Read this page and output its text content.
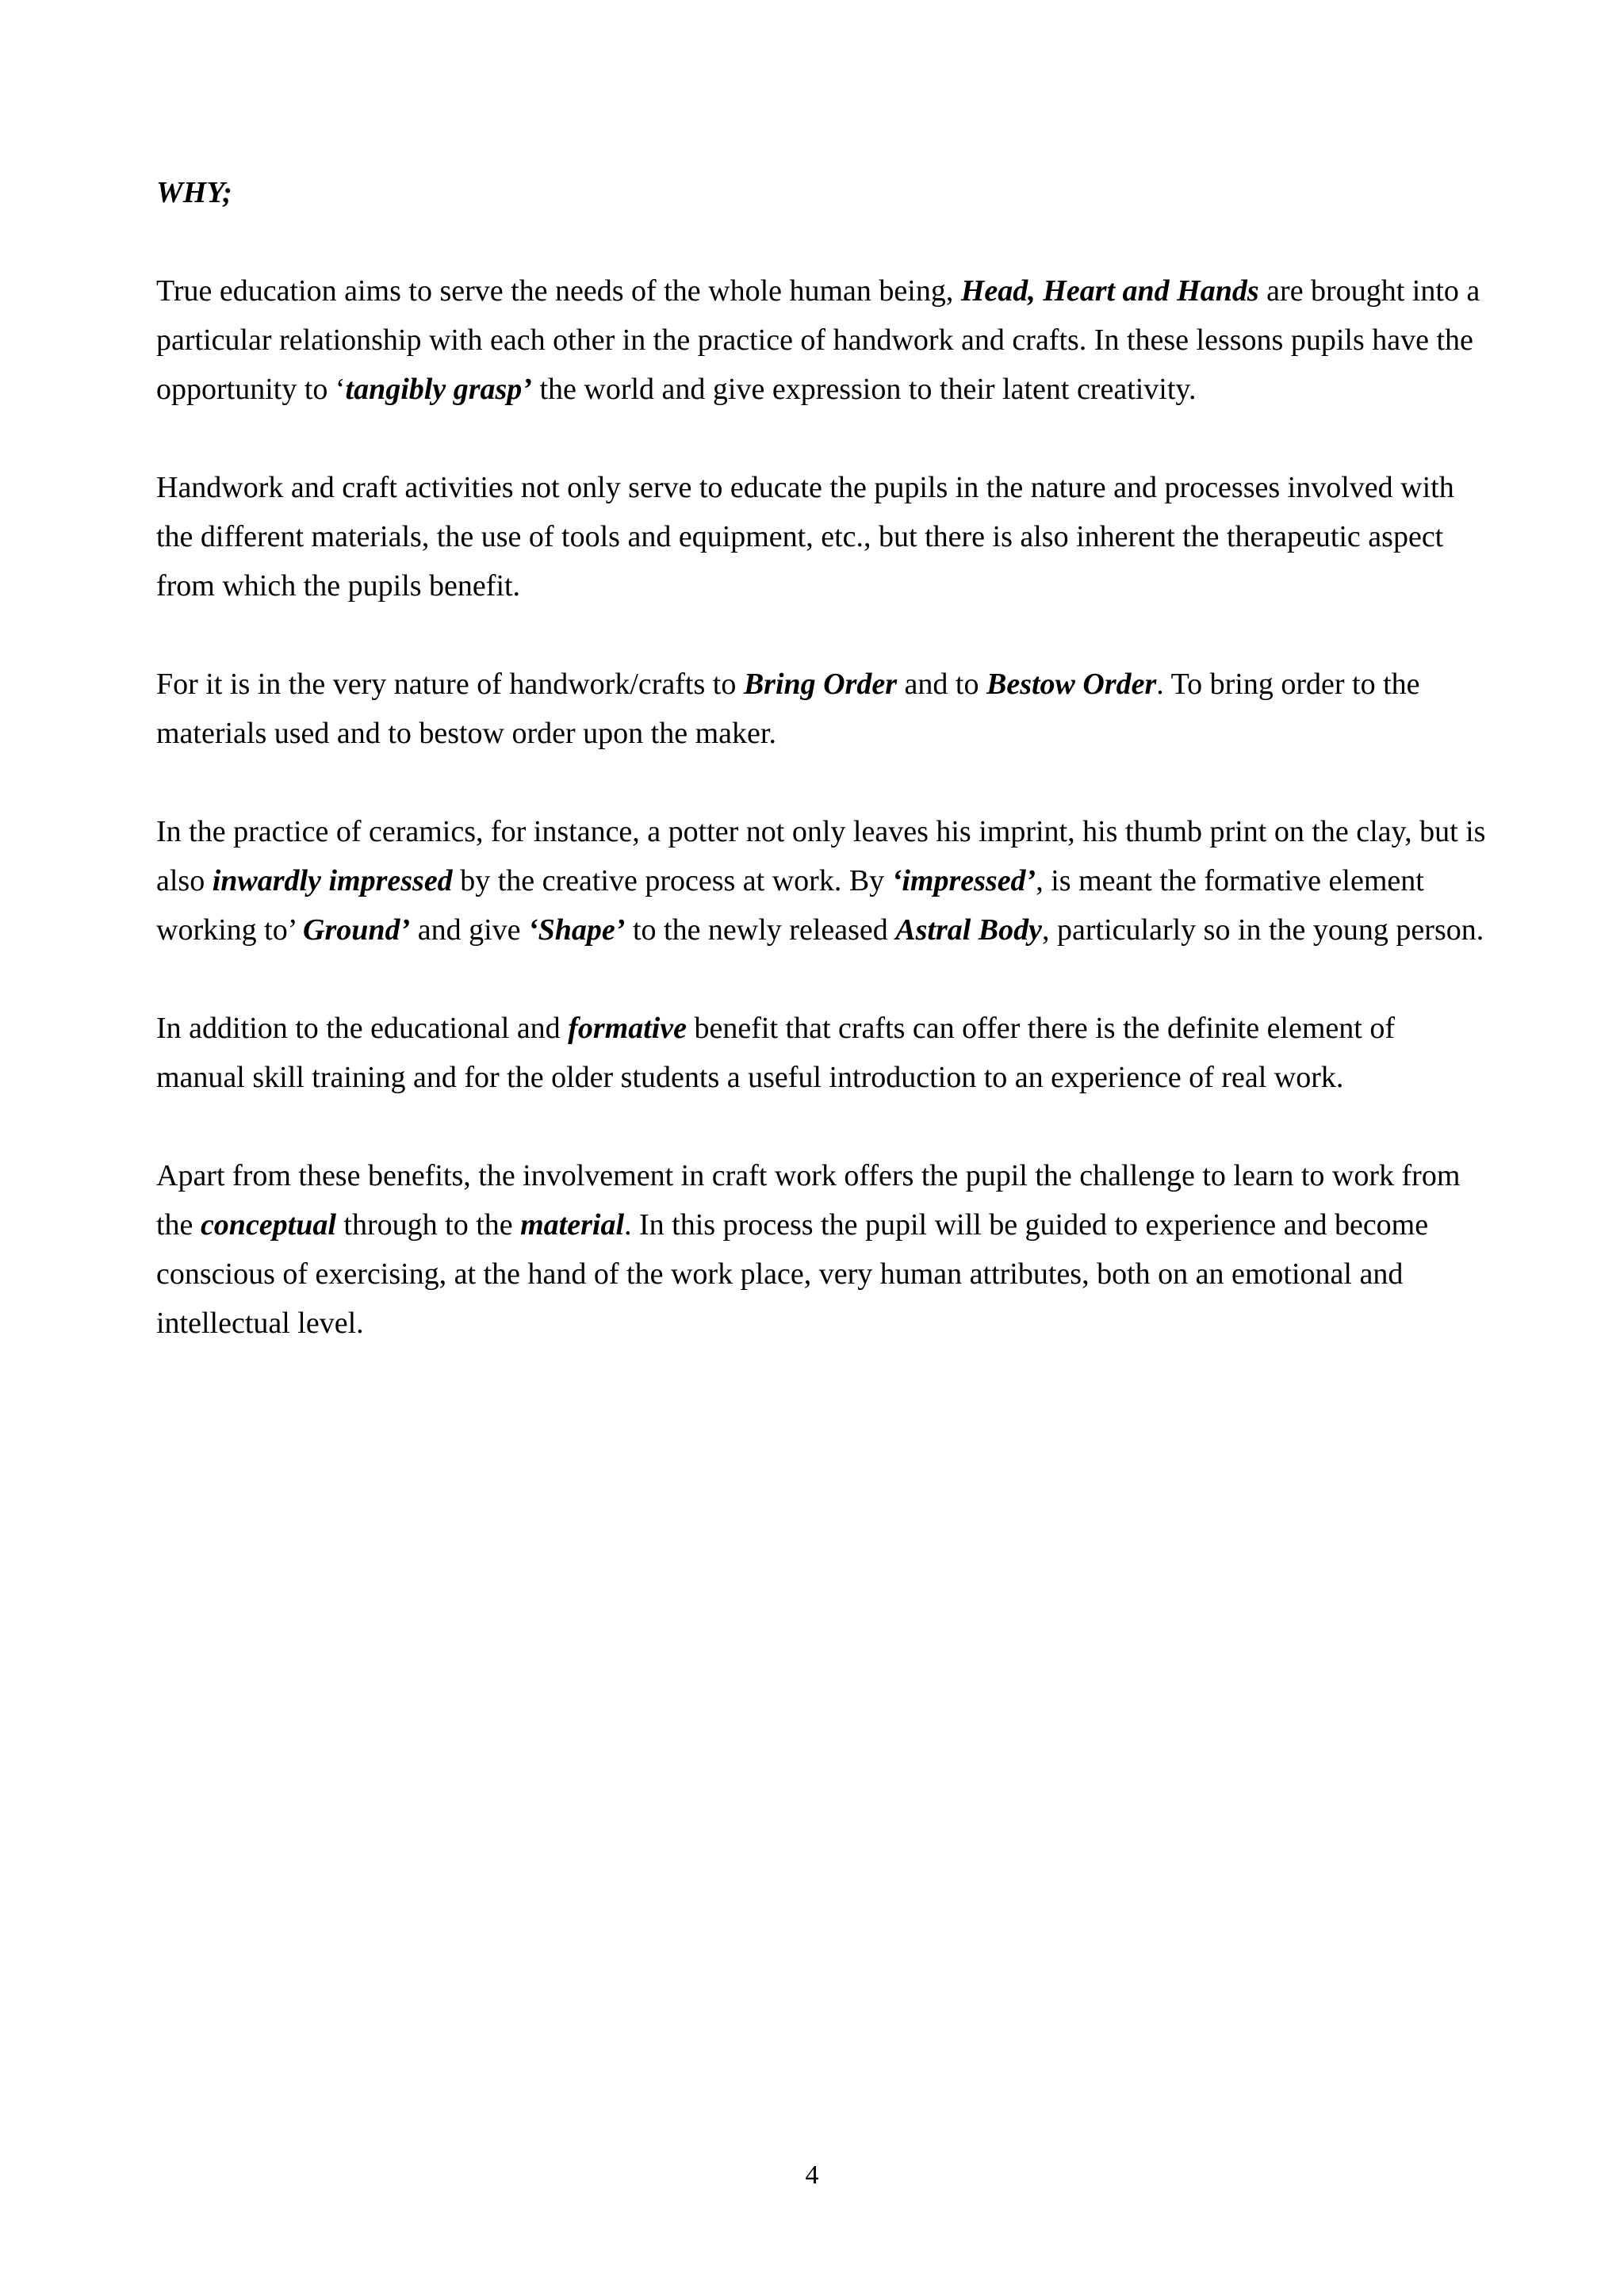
WHY;

True education aims to serve the needs of the whole human being, Head, Heart and Hands are brought into a particular relationship with each other in the practice of handwork and crafts. In these lessons pupils have the opportunity to ‘tangibly grasp’ the world and give expression to their latent creativity.

Handwork and craft activities not only serve to educate the pupils in the nature and processes involved with the different materials, the use of tools and equipment, etc., but there is also inherent the therapeutic aspect from which the pupils benefit.

For it is in the very nature of handwork/crafts to Bring Order and to Bestow Order. To bring order to the materials used and to bestow order upon the maker.

In the practice of ceramics, for instance, a potter not only leaves his imprint, his thumb print on the clay, but is also inwardly impressed by the creative process at work. By ‘impressed’, is meant the formative element working to’ Ground’ and give ‘Shape’ to the newly released Astral Body, particularly so in the young person.

In addition to the educational and formative benefit that crafts can offer there is the definite element of manual skill training and for the older students a useful introduction to an experience of real work.

Apart from these benefits, the involvement in craft work offers the pupil the challenge to learn to work from the conceptual through to the material. In this process the pupil will be guided to experience and become conscious of exercising, at the hand of the work place, very human attributes, both on an emotional and intellectual level.

4
